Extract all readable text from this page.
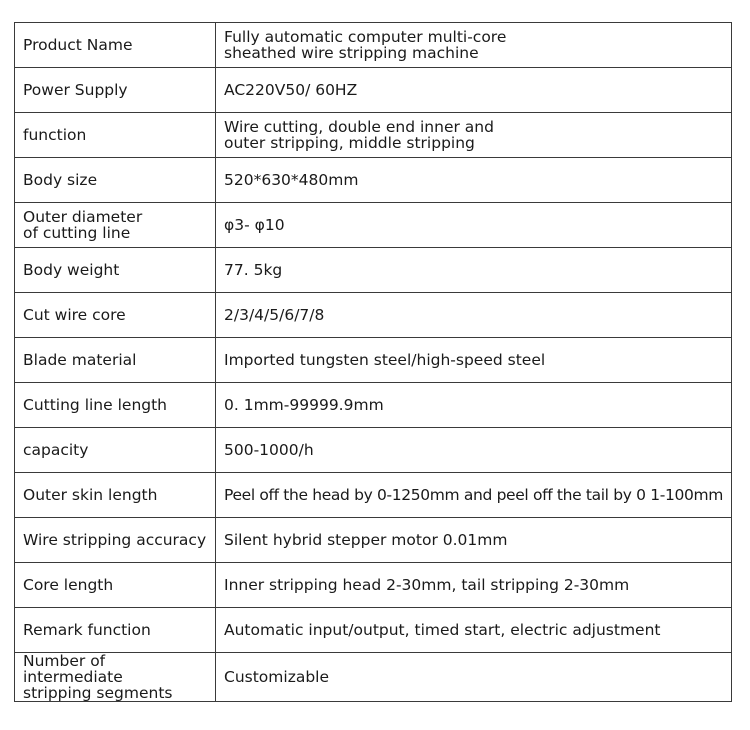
Product Name	Fully automatic computer multi-core
sheathed wire stripping machine
Power Supply	AC220V50/ 60HZ
function	Wire cutting, double end inner and
outer stripping, middle stripping
Body size	520*630*480mm
Outer diameter
of cutting line	φ3- φ10
Body weight	77. 5kg
Cut wire core	2/3/4/5/6/7/8
Blade material	Imported tungsten steel/high-speed steel
Cutting line length	0. 1mm-99999.9mm
capacity	500-1000/h
Outer skin length	Peel off the head by 0-1250mm and peel off the tail by 0 1-100mm
Wire stripping accuracy	Silent hybrid stepper motor 0.01mm
Core length	Inner stripping head 2-30mm, tail stripping 2-30mm
Remark function	Automatic input/output, timed start, electric adjustment
Number of intermediate
stripping segments	Customizable
